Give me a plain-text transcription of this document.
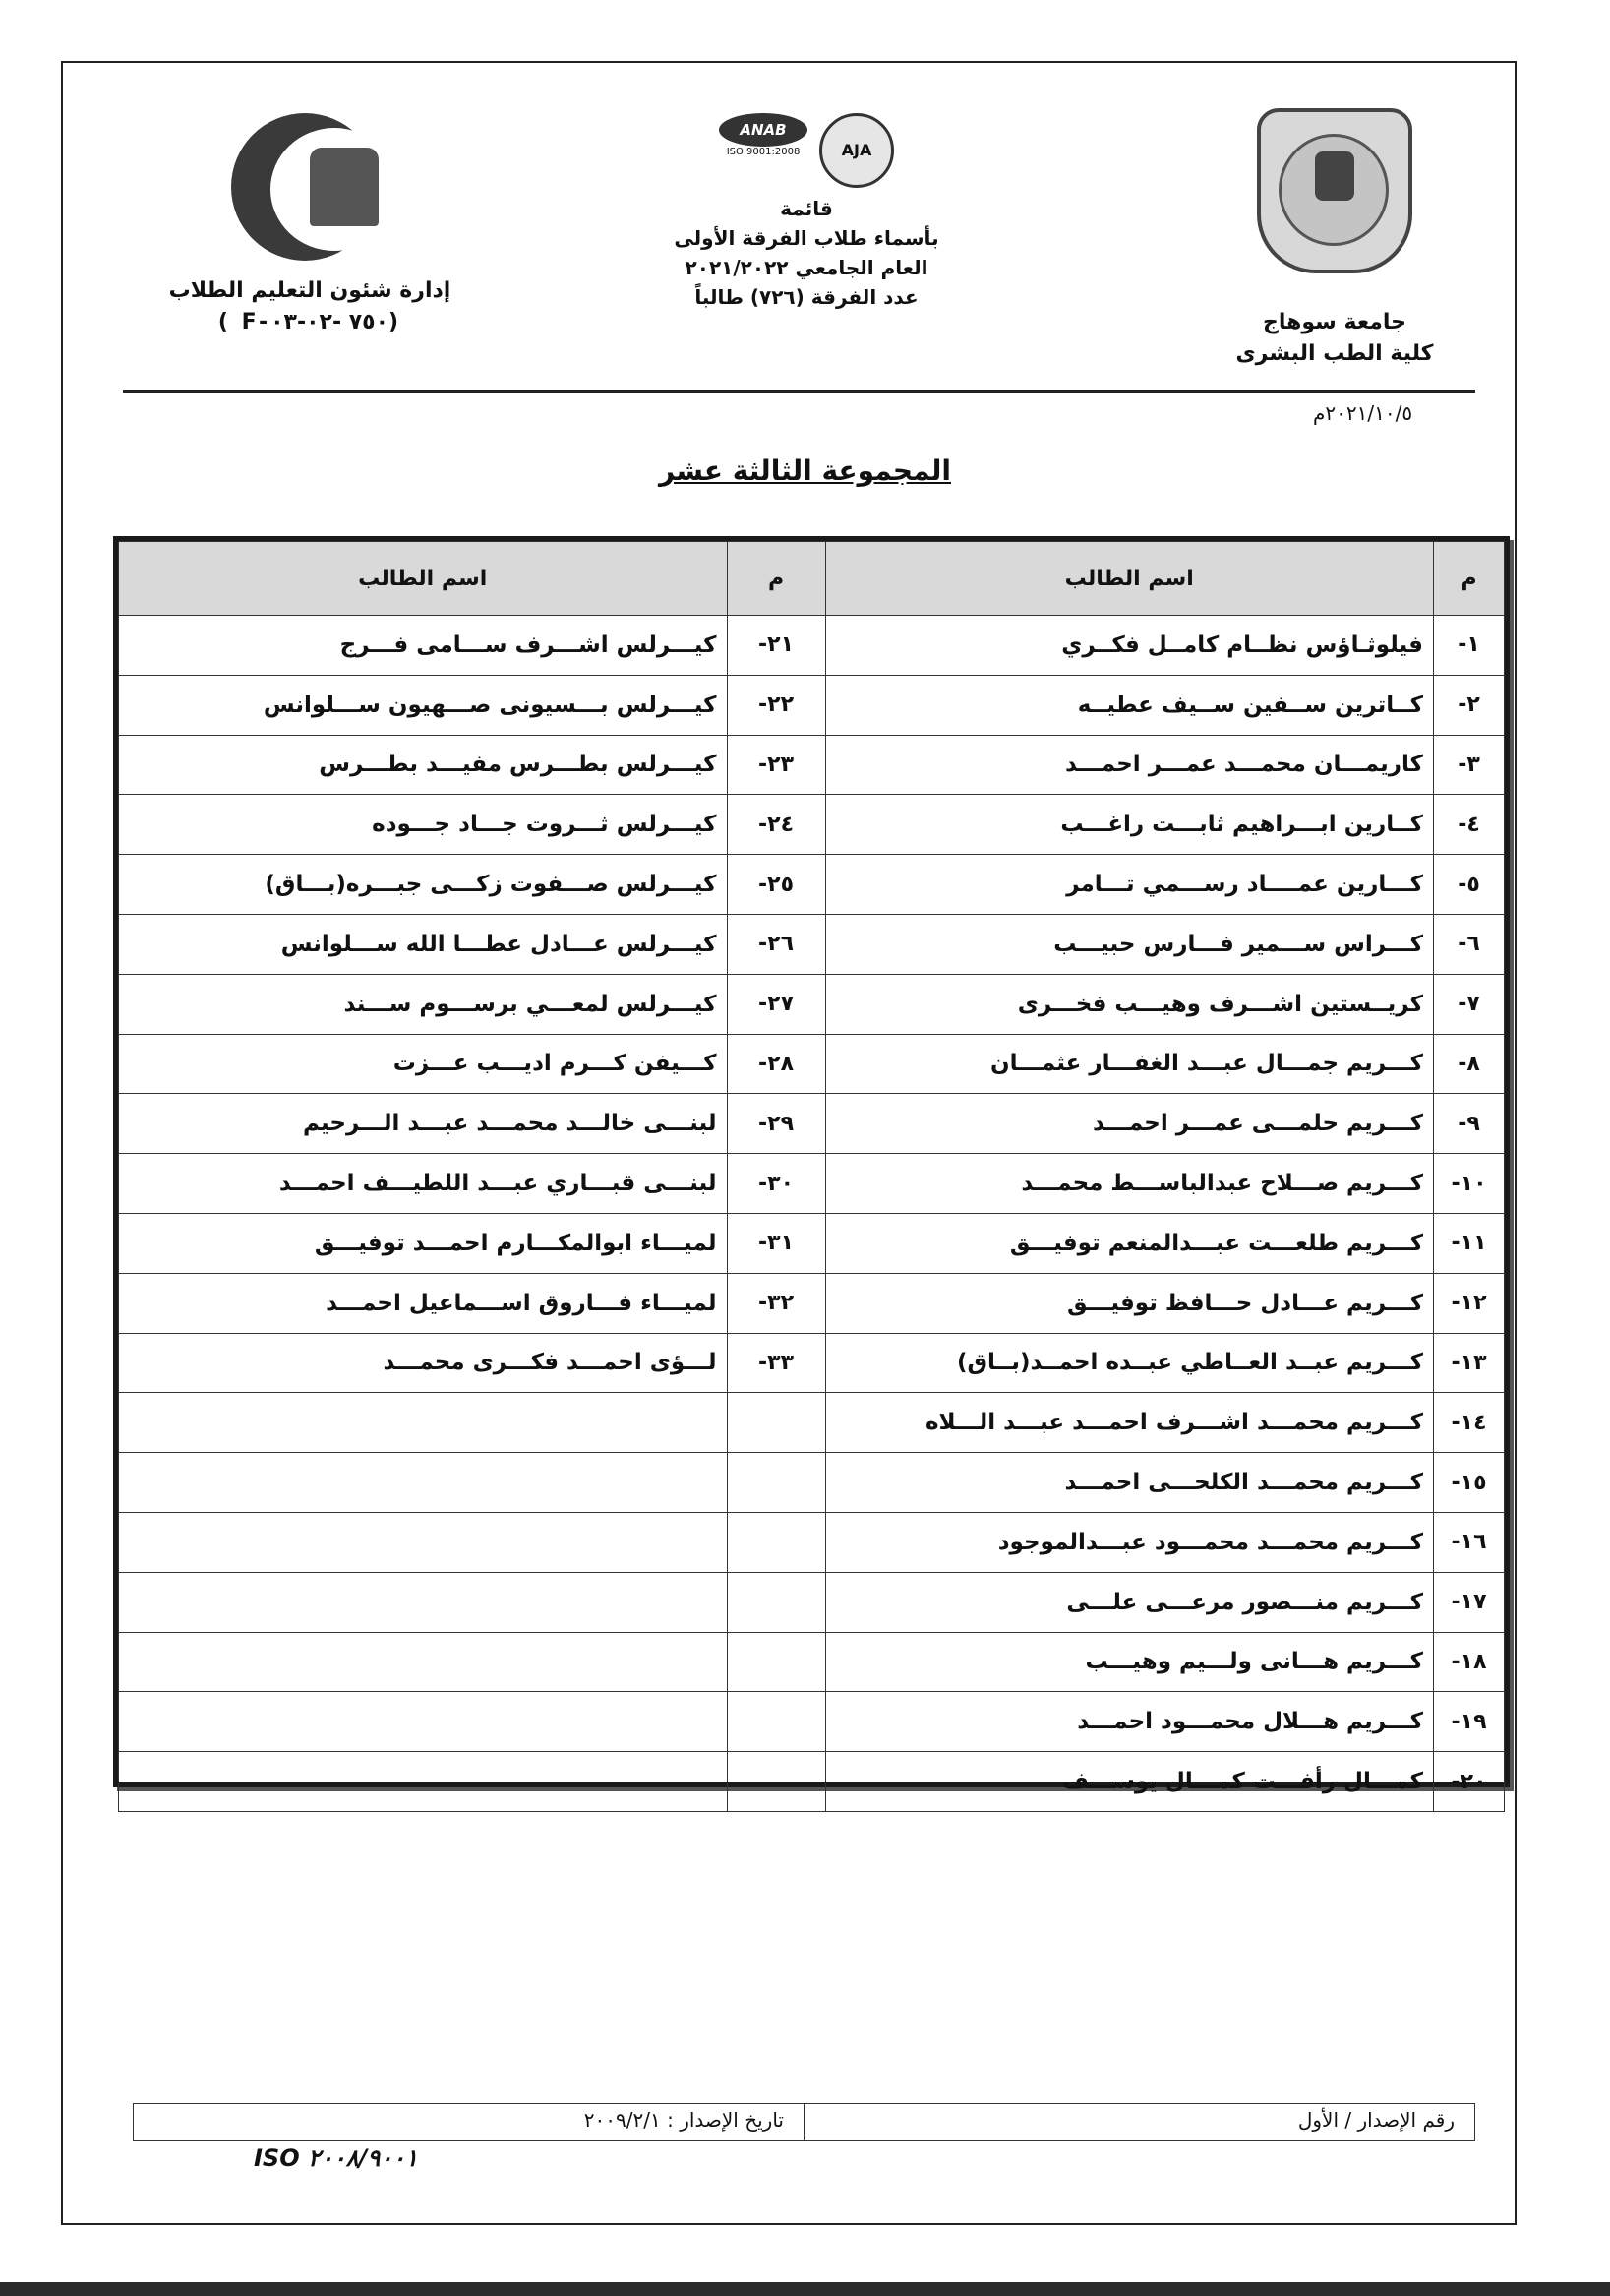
جامعة سوهاج
كلية الطب البشرى
AJA
ANAB
ISO 9001:2008
قائمة
بأسماء طلاب الفرقة الأولى
العام الجامعي ٢٠٢١/٢٠٢٢
عدد الفرقة (٧٢٦) طالباً
إدارة شئون التعليم الطلاب
( F-٧٥٠ -٠٢-٠٣)
٢٠٢١/١٠/٥م
المجموعة الثالثة عشر
م	اسم الطالب	م	اسم الطالب
١-	فيلوثـاؤس نظــام كامــل فكــري	٢١-	كيـــرلس اشـــرف ســـامى فـــرج
٢-	كــاترين ســفين ســيف عطيــه	٢٢-	كيـــرلس بـــسيونى صـــهيون ســـلوانس
٣-	كاريمـــان محمـــد عمـــر احمـــد	٢٣-	كيـــرلس بطـــرس مفيـــد بطـــرس
٤-	كــارين ابـــراهيم ثابـــت راغـــب	٢٤-	كيـــرلس ثـــروت جـــاد جـــوده
٥-	كـــارين عمــــاد رســـمي تـــامر	٢٥-	كيـــرلس صـــفوت زكـــى جبـــره(بـــاق)
٦-	كـــراس ســـمير فـــارس حبيـــب	٢٦-	كيـــرلس عـــادل عطـــا الله ســـلوانس
٧-	كريــستين اشـــرف وهيـــب فخـــرى	٢٧-	كيـــرلس لمعـــي برســـوم ســـند
٨-	كـــريم جمـــال عبـــد الغفـــار عثمـــان	٢٨-	كـــيفن كـــرم اديـــب عـــزت
٩-	كـــريم حلمـــى عمـــر احمـــد	٢٩-	لبنـــى خالـــد محمـــد عبـــد الـــرحيم
١٠-	كـــريم صـــلاح عبدالباســـط محمـــد	٣٠-	لبنـــى قبـــاري عبـــد اللطيـــف احمـــد
١١-	كـــريم طلعـــت عبـــدالمنعم توفيـــق	٣١-	لميـــاء ابوالمكـــارم احمـــد توفيـــق
١٢-	كـــريم عـــادل حـــافظ توفيـــق	٣٢-	لميـــاء فـــاروق اســـماعيل احمـــد
١٣-	كـــريم عبــد العــاطي عبــده احمــد(بــاق)	٣٣-	لـــؤى احمـــد فكـــرى محمـــد
١٤-	كـــريم محمـــد اشـــرف احمـــد عبـــد الـــلاه		
١٥-	كـــريم محمـــد الكلحـــى احمـــد		
١٦-	كـــريم محمـــد محمـــود عبـــدالموجود		
١٧-	كـــريم منـــصور مرعـــى علـــى		
١٨-	كـــريم هـــانى ولـــيم وهيـــب		
١٩-	كـــريم هـــلال محمـــود احمـــد		
٢٠-	كمـــال رأفـــت كمـــال يوســـف		
رقم الإصدار / الأول
تاريخ الإصدار : ٢٠٠٩/٢/١
ISO ٢٠٠٨/٩٠٠١
